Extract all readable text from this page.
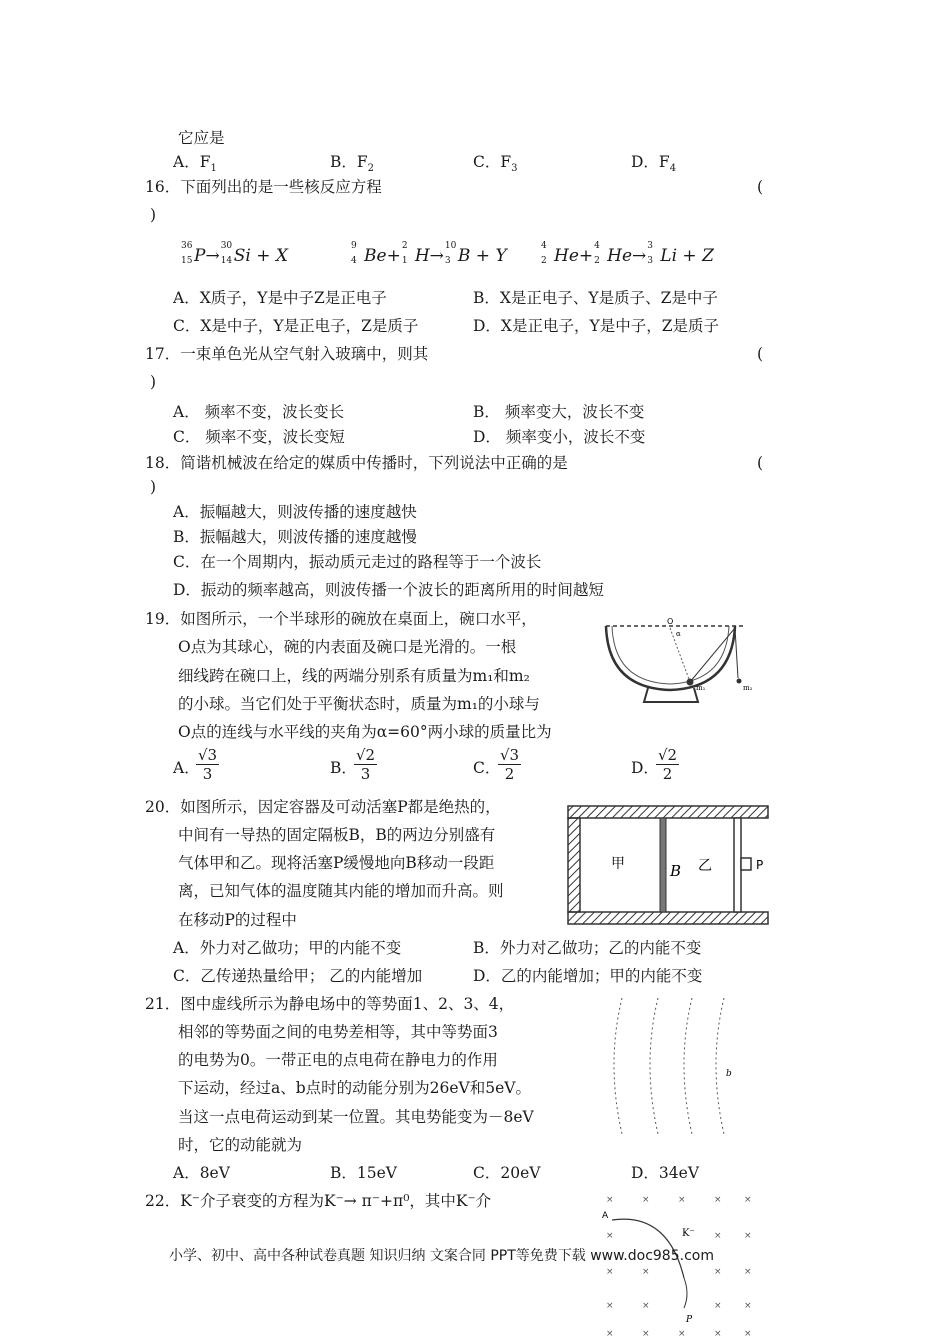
它应是
A．$F_1$	B．$F_2$	C．$F_3$	D．$F_4$
16．下面列出的是一些核反应方程	(
)
36
15 P→ 30
14 Si + X	9
4 Be+ 2
1 H→ 10
3 B + Y	4
2 He+ 4
2 He→ 3
3 Li + Z
A．X质子，Y是中子Z是正电子	B．X是正电子、Y是质子、Z是中子
C．X是中子，Y是正电子，Z是质子	D．X是正电子，Y是中子，Z是质子
17．一束单色光从空气射入玻璃中，则其	(
)
A． 频率不变，波长变长	B． 频率变大，波长不变
C． 频率不变，波长变短	D． 频率变小，波长不变
18．简谐机械波在给定的媒质中传播时，下列说法中正确的是	(
)
A．振幅越大，则波传播的速度越快
B．振幅越大，则波传播的速度越慢
C．在一个周期内，振动质元走过的路程等于一个波长
D．振动的频率越高，则波传播一个波长的距离所用的时间越短
19．如图所示，一个半球形的碗放在桌面上，碗口水平，
O点为其球心，碗的内表面及碗口是光滑的。一根
细线跨在碗口上，线的两端分别系有质量为m₁和m₂
的小球。当它们处于平衡状态时，质量为m₁的小球与
O点的连线与水平线的夹角为α=60°两小球的质量比为
A．
$\frac{√3}{3}$	B．
$\frac{√2}{3}$	C．
$\frac{√3}{2}$	D．
$\frac{√2}{2}$
O
α
m₁	m₂
20．如图所示，因定容器及可动活塞P都是绝热的，
中间有一导热的固定隔板B，B的两边分别盛有
气体甲和乙。现将活塞P缓慢地向B移动一段距
离，已知气体的温度随其内能的增加而升高。则
在移动P的过程中
A．外力对乙做功；甲的内能不变	B．外力对乙做功；乙的内能不变
C．乙传递热量给甲； 乙的内能增加	D．乙的内能增加；甲的内能不变
甲	B 乙	P
21．图中虚线所示为静电场中的等势面1、2、3、4，
相邻的等势面之间的电势差相等，其中等势面3
的电势为0。一带正电的点电荷在静电力的作用
下运动，经过a、b点时的动能分别为26eV和5eV。
当这一点电荷运动到某一位置。其电势能变为－8eV
时，它的动能就为
A．8eV	B．15eV	C．20eV	D．34eV
b
22．K⁻介子衰变的方程为K⁻→ π⁻+π⁰，其中K⁻介	×	×	×	× ×
×	× ×
×	×	× ×
×	×	× ×
×	×	×	× ×
A
K⁻
P
小学、初中、高中各种试卷真题 知识归纳 文案合同 PPT等免费下载 www.doc985.com
